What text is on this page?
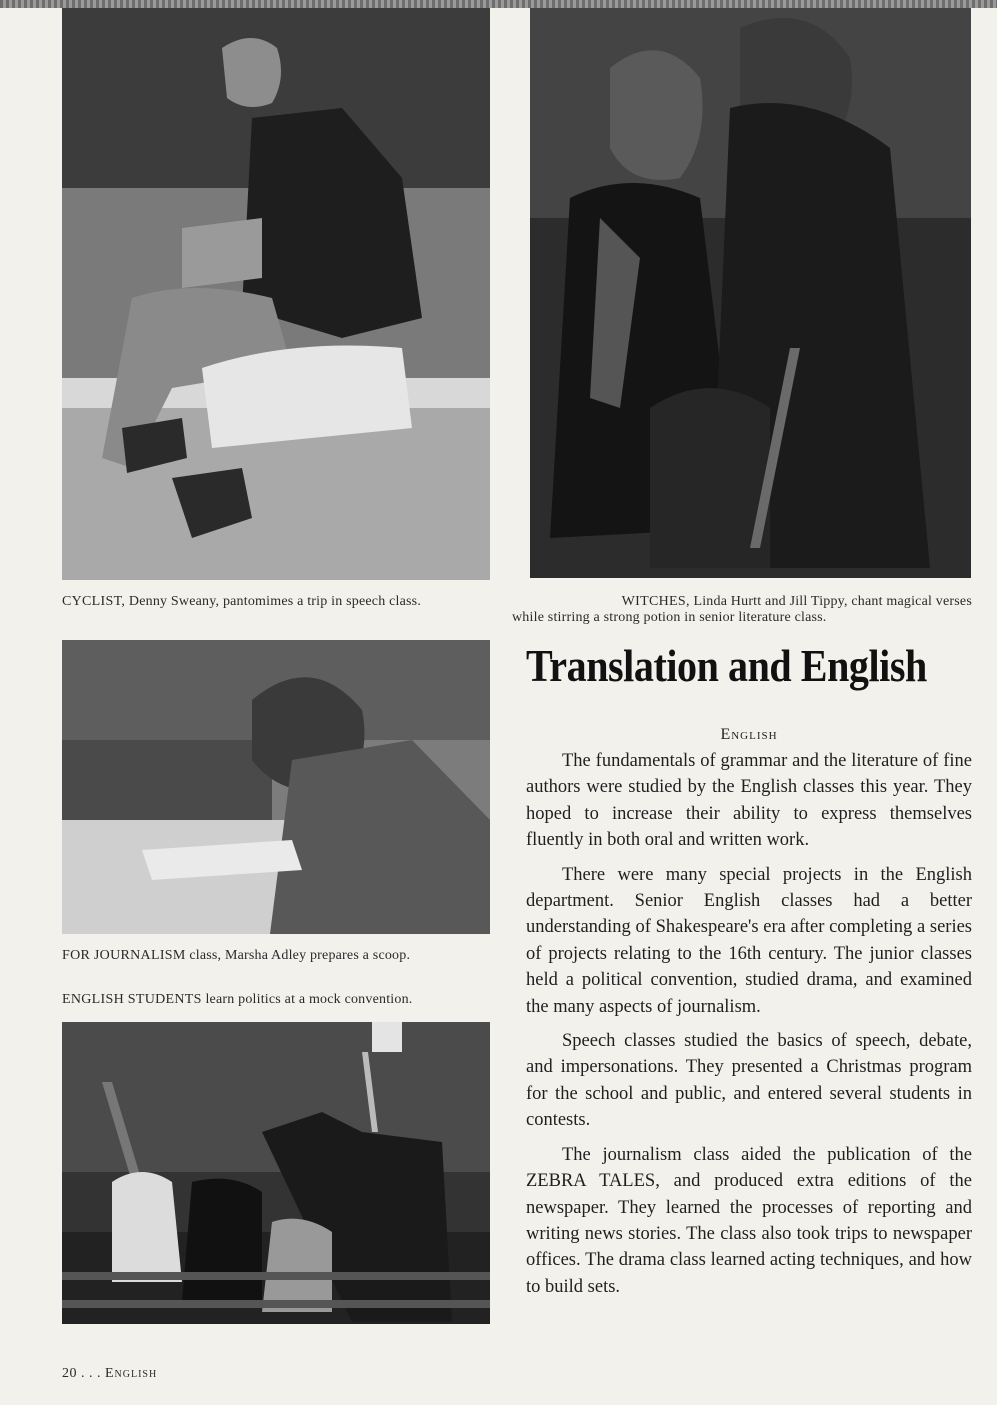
CYCLIST, Denny Sweany, pantomimes a trip in speech class.	WITCHES, Linda Hurtt and Jill Tippy, chant magical verses
while stirring a strong potion in senior literature class.
Translation and English
FOR JOURNALISM class, Marsha Adley prepares a scoop.
ENGLISH STUDENTS learn politics at a mock convention.
English

The fundamentals of grammar and the literature of fine authors were studied by the English classes this year. They hoped to increase their ability to express themselves fluently in both oral and written work.

There were many special projects in the English department. Senior English classes had a better understanding of Shakespeare's era after completing a series of projects relating to the 16th century. The junior classes held a political convention, studied drama, and examined the many aspects of journalism.

Speech classes studied the basics of speech, debate, and impersonations. They presented a Christmas program for the school and public, and entered several students in contests.

The journalism class aided the publication of the ZEBRA TALES, and produced extra editions of the newspaper. They learned the processes of reporting and writing news stories. The class also took trips to newspaper offices. The drama class learned acting techniques, and how to build sets.

20 . . . English
